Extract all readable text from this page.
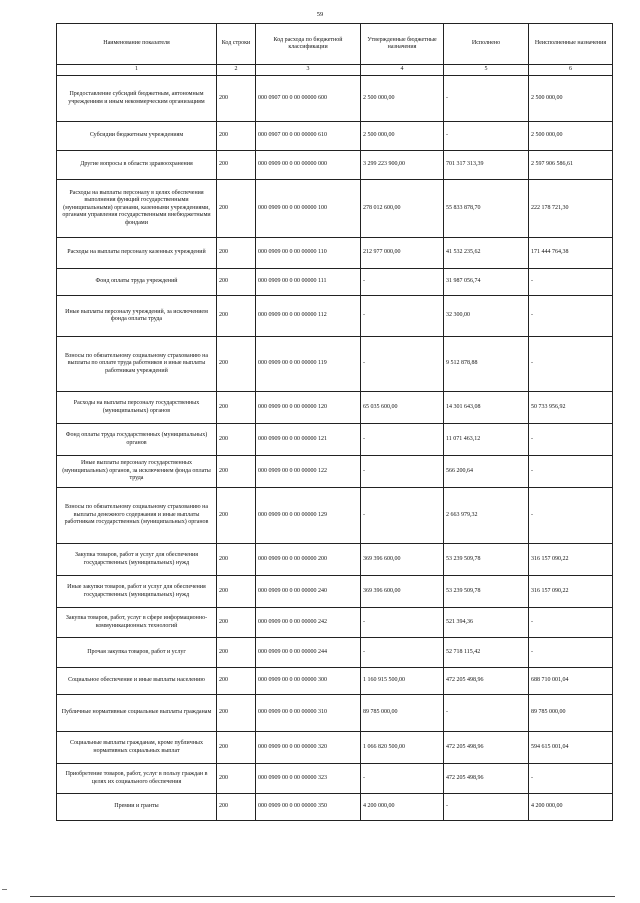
59
Наименование показателя	Код строки	Код расхода по бюджетной классификации	Утвержденные бюджетные назначения	Исполнено	Неисполненные назначения
1	2	3	4	5	6
Предоставление субсидий бюджетным, автономным учреждениям и иным некоммерческим организациям	200	000 0907 00 0 00 00000 600	2 500 000,00	-	2 500 000,00
Субсидии бюджетным учреждениям	200	000 0907 00 0 00 00000 610	2 500 000,00	-	2 500 000,00
Другие вопросы в области здравоохранения	200	000 0909 00 0 00 00000 000	3 299 223 900,00	701 317 313,39	2 597 906 586,61
Расходы на выплаты персоналу в целях обеспечения выполнения функций государственными (муниципальными) органами, казенными учреждениями, органами управления государственными внебюджетными фондами	200	000 0909 00 0 00 00000 100	278 012 600,00	55 833 878,70	222 178 721,30
Расходы на выплаты персоналу казенных учреждений	200	000 0909 00 0 00 00000 110	212 977 000,00	41 532 235,62	171 444 764,38
Фонд оплаты труда учреждений	200	000 0909 00 0 00 00000 111	-	31 987 056,74	-
Иные выплаты персоналу учреждений, за исключением фонда оплаты труда	200	000 0909 00 0 00 00000 112	-	32 300,00	-
Взносы по обязательному социальному страхованию на выплаты по оплате труда работников и иные выплаты работникам учреждений	200	000 0909 00 0 00 00000 119	-	9 512 878,88	-
Расходы на выплаты персоналу государственных (муниципальных) органов	200	000 0909 00 0 00 00000 120	65 035 600,00	14 301 643,08	50 733 956,92
Фонд оплаты труда государственных (муниципальных) органов	200	000 0909 00 0 00 00000 121	-	11 071 463,12	-
Иные выплаты персоналу государственных (муниципальных) органов, за исключением фонда оплаты труда	200	000 0909 00 0 00 00000 122	-	566 200,64	-
Взносы по обязательному социальному страхованию на выплаты денежного содержания и иные выплаты работникам государственных (муниципальных) органов	200	000 0909 00 0 00 00000 129	-	2 663 979,32	-
Закупка товаров, работ и услуг для обеспечения государственных (муниципальных) нужд	200	000 0909 00 0 00 00000 200	369 396 600,00	53 239 509,78	316 157 090,22
Иные закупки товаров, работ и услуг для обеспечения государственных (муниципальных) нужд	200	000 0909 00 0 00 00000 240	369 396 600,00	53 239 509,78	316 157 090,22
Закупка товаров, работ, услуг в сфере информационно-коммуникационных технологий	200	000 0909 00 0 00 00000 242	-	521 394,36	-
Прочая закупка товаров, работ и услуг	200	000 0909 00 0 00 00000 244	-	52 718 115,42	-
Социальное обеспечение и иные выплаты населению	200	000 0909 00 0 00 00000 300	1 160 915 500,00	472 205 498,96	688 710 001,04
Публичные нормативные социальные выплаты гражданам	200	000 0909 00 0 00 00000 310	89 785 000,00	-	89 785 000,00
Социальные выплаты гражданам, кроме публичных нормативных социальных выплат	200	000 0909 00 0 00 00000 320	1 066 820 500,00	472 205 498,96	594 615 001,04
Приобретение товаров, работ, услуг в пользу граждан в целях их социального обеспечения	200	000 0909 00 0 00 00000 323	-	472 205 498,96	-
Премии и гранты	200	000 0909 00 0 00 00000 350	4 200 000,00	-	4 200 000,00
